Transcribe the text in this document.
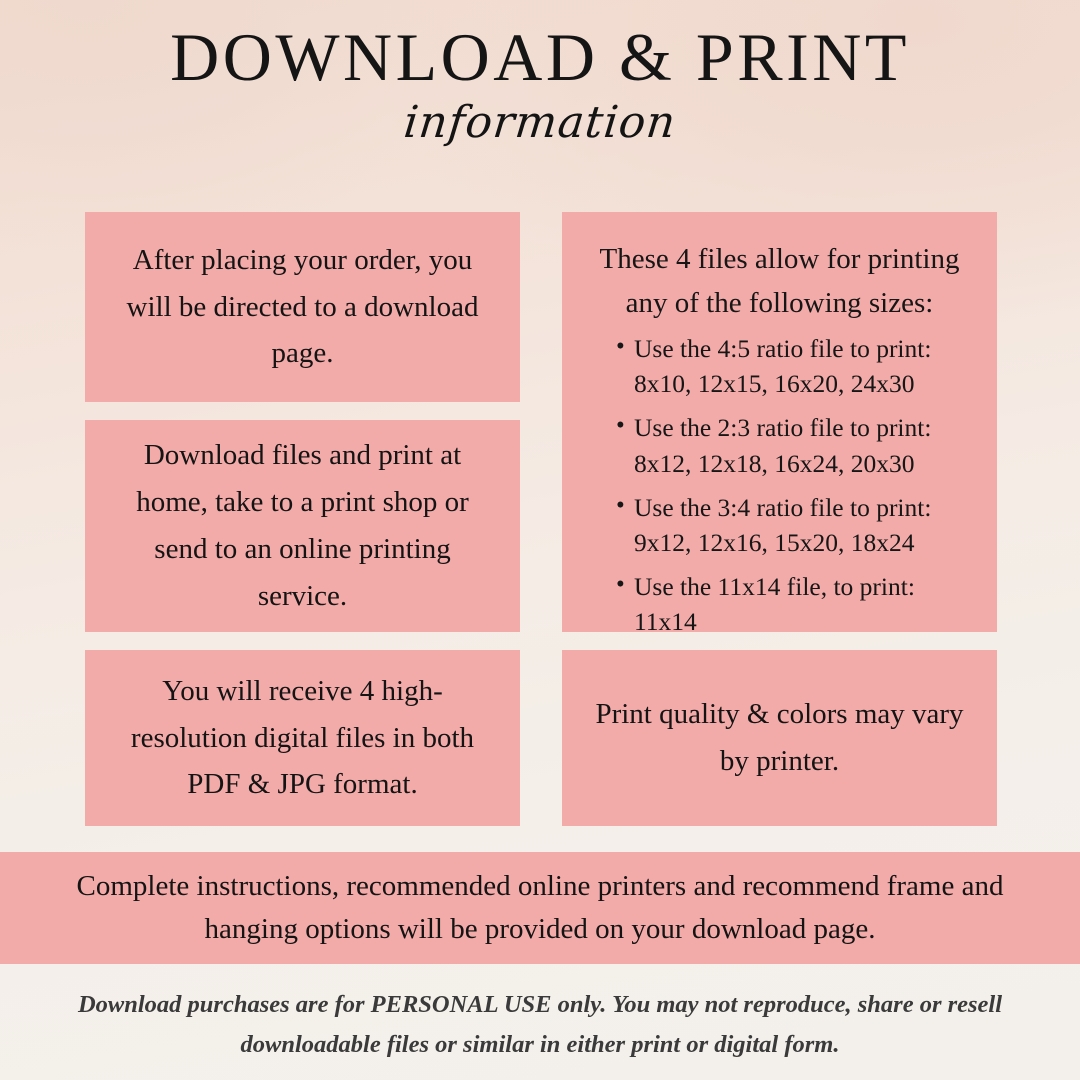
DOWNLOAD & PRINT
information
After placing your order, you will be directed to a download page.
Download files and print at home, take to a print shop or send to an online printing service.
You will receive 4 high-resolution digital files in both PDF & JPG format.
These 4 files allow for printing any of the following sizes:
• Use the 4:5 ratio file to print:
8x10, 12x15, 16x20, 24x30
• Use the 2:3 ratio file to print:
8x12, 12x18, 16x24, 20x30
• Use the 3:4 ratio file to print:
9x12, 12x16, 15x20, 18x24
• Use the 11x14 file, to print: 11x14
Print quality & colors may vary by printer.
Complete instructions, recommended online printers and recommend frame and hanging options will be provided on your download page.
Download purchases are for PERSONAL USE only. You may not reproduce, share or resell downloadable files or similar in either print or digital form.
